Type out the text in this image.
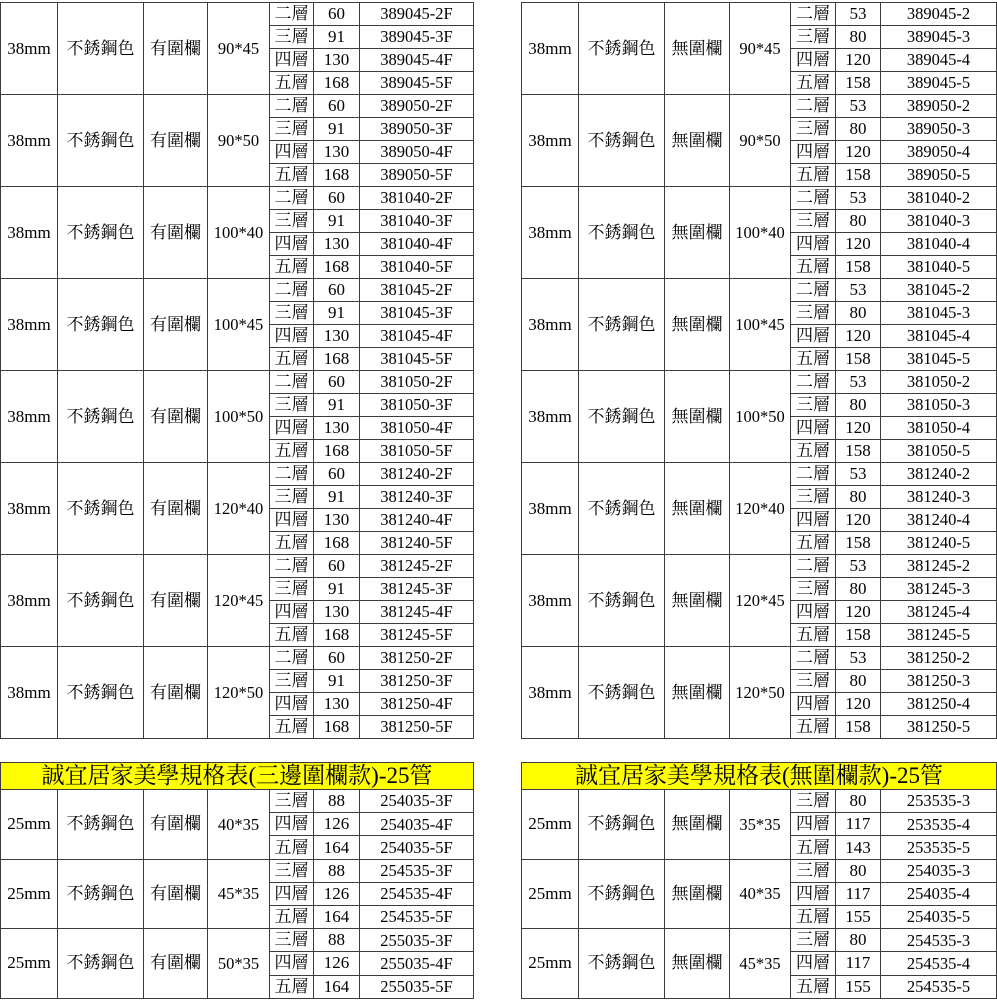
38mm	不銹鋼色	有圍欄	90*45	二層	60	389045-2F
				三層	91	389045-3F
				四層	130	389045-4F
				五層	168	389045-5F
38mm	不銹鋼色	有圍欄	90*50	二層	60	389050-2F
				三層	91	389050-3F
				四層	130	389050-4F
				五層	168	389050-5F
38mm	不銹鋼色	有圍欄	100*40	二層	60	381040-2F
				三層	91	381040-3F
				四層	130	381040-4F
				五層	168	381040-5F
38mm	不銹鋼色	有圍欄	100*45	二層	60	381045-2F
				三層	91	381045-3F
				四層	130	381045-4F
				五層	168	381045-5F
38mm	不銹鋼色	有圍欄	100*50	二層	60	381050-2F
				三層	91	381050-3F
				四層	130	381050-4F
				五層	168	381050-5F
38mm	不銹鋼色	有圍欄	120*40	二層	60	381240-2F
				三層	91	381240-3F
				四層	130	381240-4F
				五層	168	381240-5F
38mm	不銹鋼色	有圍欄	120*45	二層	60	381245-2F
				三層	91	381245-3F
				四層	130	381245-4F
				五層	168	381245-5F
38mm	不銹鋼色	有圍欄	120*50	二層	60	381250-2F
				三層	91	381250-3F
				四層	130	381250-4F
				五層	168	381250-5F
誠宜居家美學規格表(三邊圍欄款)-25管
25mm	不銹鋼色	有圍欄	40*35	三層	88	254035-3F
				四層	126	254035-4F
				五層	164	254035-5F
25mm	不銹鋼色	有圍欄	45*35	三層	88	254535-3F
				四層	126	254535-4F
				五層	164	254535-5F
25mm	不銹鋼色	有圍欄	50*35	三層	88	255035-3F
				四層	126	255035-4F
				五層	164	255035-5F
38mm	不銹鋼色	無圍欄	90*45	二層	53	389045-2
				三層	80	389045-3
				四層	120	389045-4
				五層	158	389045-5
38mm	不銹鋼色	無圍欄	90*50	二層	53	389050-2
				三層	80	389050-3
				四層	120	389050-4
				五層	158	389050-5
38mm	不銹鋼色	無圍欄	100*40	二層	53	381040-2
				三層	80	381040-3
				四層	120	381040-4
				五層	158	381040-5
38mm	不銹鋼色	無圍欄	100*45	二層	53	381045-2
				三層	80	381045-3
				四層	120	381045-4
				五層	158	381045-5
38mm	不銹鋼色	無圍欄	100*50	二層	53	381050-2
				三層	80	381050-3
				四層	120	381050-4
				五層	158	381050-5
38mm	不銹鋼色	無圍欄	120*40	二層	53	381240-2
				三層	80	381240-3
				四層	120	381240-4
				五層	158	381240-5
38mm	不銹鋼色	無圍欄	120*45	二層	53	381245-2
				三層	80	381245-3
				四層	120	381245-4
				五層	158	381245-5
38mm	不銹鋼色	無圍欄	120*50	二層	53	381250-2
				三層	80	381250-3
				四層	120	381250-4
				五層	158	381250-5
誠宜居家美學規格表(無圍欄款)-25管
25mm	不銹鋼色	無圍欄	35*35	三層	80	253535-3
				四層	117	253535-4
				五層	143	253535-5
25mm	不銹鋼色	無圍欄	40*35	三層	80	254035-3
				四層	117	254035-4
				五層	155	254035-5
25mm	不銹鋼色	無圍欄	45*35	三層	80	254535-3
				四層	117	254535-4
				五層	155	254535-5
